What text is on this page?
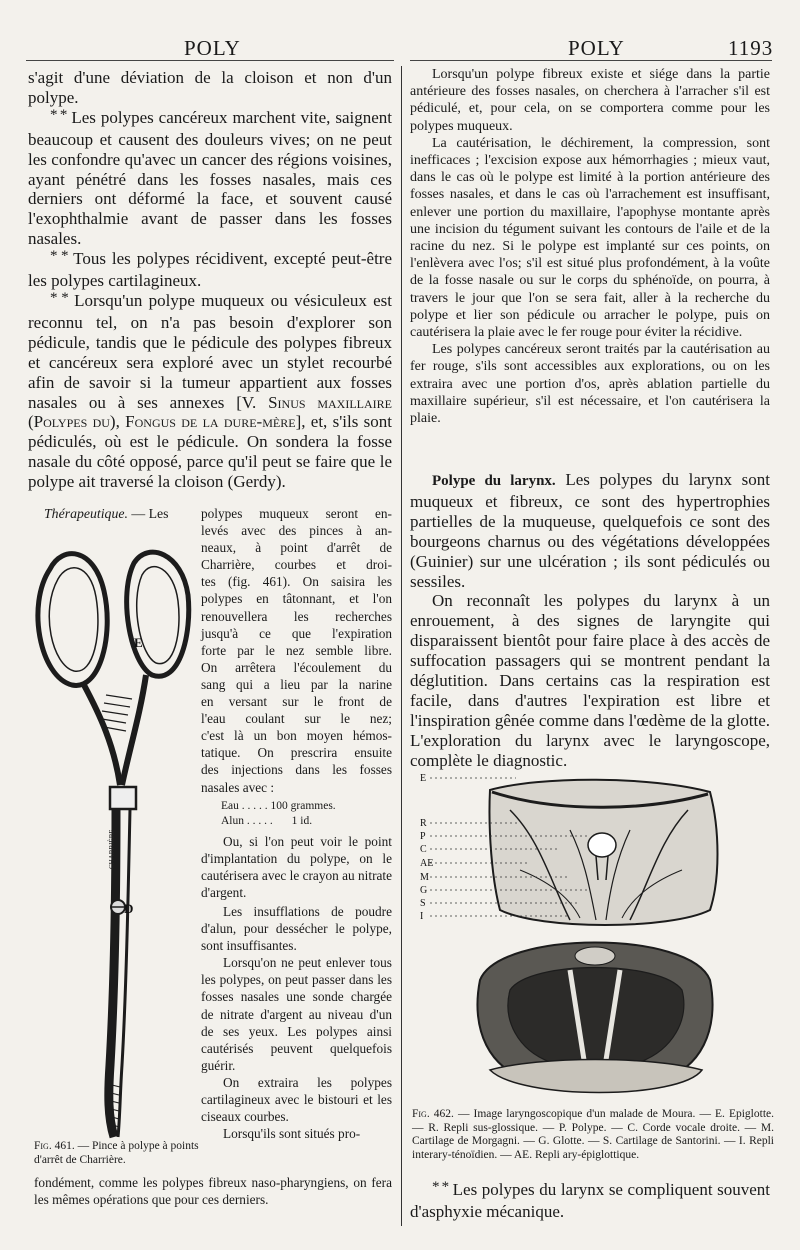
POLY	POLY	1193

s'agit d'une déviation de la cloison et non d'un polype.

* * Les polypes cancéreux marchent vite, saignent beaucoup et causent des douleurs vives; on ne peut les confondre qu'avec un cancer des régions voisines, ayant pénétré dans les fosses nasales, mais ces derniers ont déformé la face, et souvent causé l'exophthalmie avant de passer dans les fosses nasales.

* * Tous les polypes récidivent, excepté peut-être les polypes cartilagineux.

* * Lorsqu'un polype muqueux ou vésiculeux est reconnu tel, on n'a pas besoin d'explorer son pédicule, tandis que le pédicule des polypes fibreux et cancéreux sera exploré avec un stylet recourbé afin de savoir si la tumeur appartient aux fosses nasales ou à ses annexes [V. Sinus maxillaire (Polypes du), Fongus de la dure-mère], et, s'ils sont pédiculés, où est le pédicule. On sondera la fosse nasale du côté opposé, parce qu'il peut se faire que le polype ait traversé la cloison (Gerdy).

E
D
CHARRIÈRE
Fig. 461. — Pince à polype à points d'arrêt de Charrière.
Thérapeutique. — Les	polypes muqueux seront en-
levés avec des pinces à an-
neaux, à point d'arrêt de
Charrière, courbes et droi-
tes (fig. 461). On saisira les
polypes en tâtonnant, et l'on
renouvellera les recherches
jusqu'à ce que l'expiration
forte par le nez semble libre.
On arrêtera l'écoulement du
sang qui a lieu par la narine
en versant sur le front de
l'eau coulant sur le nez;
c'est là un bon moyen hémos-
tatique. On prescrira ensuite
des injections dans les fosses
nasales avec :
Eau . . . . . 100 grammes.
Alun . . . . . 1 id.

Ou, si l'on peut voir le point d'implantation du polype, on le cautérisera avec le crayon au nitrate d'argent.

Les insufflations de poudre d'alun, pour dessécher le polype, sont insuffisantes.

Lorsqu'on ne peut enlever tous les polypes, on peut passer dans les fosses nasales une sonde chargée de nitrate d'argent au niveau d'un de ses yeux. Les polypes ainsi cautérisés peuvent quelquefois guérir.

On extraira les polypes cartilagineux avec le bistouri et les ciseaux courbes.

Lorsqu'ils sont situés pro-
fondément, comme les polypes fibreux naso-pharyngiens, on fera les mêmes opérations que pour ces derniers.

Lorsqu'un polype fibreux existe et siége dans la partie antérieure des fosses nasales, on cherchera à l'arracher s'il est pédiculé, et, pour cela, on se comportera comme pour les polypes muqueux.

La cautérisation, le déchirement, la compression, sont inefficaces ; l'excision expose aux hémorrhagies ; mieux vaut, dans le cas où le polype est limité à la portion antérieure des fosses nasales, et dans le cas où l'arrachement est insuffisant, enlever une portion du maxillaire, l'apophyse montante après une incision du tégument suivant les contours de l'aile et de la racine du nez. Si le polype est implanté sur ces points, on l'enlèvera avec l'os; s'il est situé plus profondément, à la voûte de la fosse nasale ou sur le corps du sphénoïde, on pourra, à travers le jour que l'on se sera fait, aller à la recherche du polype et lier son pédicule ou arracher le polype, puis on cautérisera la plaie avec le fer rouge pour éviter la récidive.

Les polypes cancéreux seront traités par la cautérisation au fer rouge, s'ils sont accessibles aux explorations, ou on les extraira avec une portion d'os, après ablation partielle du maxillaire supérieur, s'il est nécessaire, et l'on cautérisera la plaie.

Polype du larynx. Les polypes du larynx sont muqueux et fibreux, ce sont des hypertrophies partielles de la muqueuse, quelquefois ce sont des bourgeons charnus ou des végétations développées (Guinier) sur une ulcération ; ils sont pédiculés ou sessiles.

On reconnaît les polypes du larynx à un enrouement, à des signes de laryngite qui disparaissent bientôt pour faire place à des accès de suffocation passagers qui se montrent pendant la déglutition. Dans certains cas la respiration est facile, dans d'autres l'expiration est libre et l'inspiration gênée comme dans l'œdème de la glotte. L'exploration du larynx avec le laryngoscope, complète le diagnostic.

E
R
P
C
AE
M
G
S
I
Fig. 462. — Image laryngoscopique d'un malade de Moura. — E. Epiglotte. — R. Repli sus-glossique. — P. Polype. — C. Corde vocale droite. — M. Cartilage de Morgagni. — G. Glotte. — S. Cartilage de Santorini. — I. Repli interary-ténoïdien. — AE. Repli ary-épiglottique.
* * Les polypes du larynx se compliquent souvent d'asphyxie mécanique.
